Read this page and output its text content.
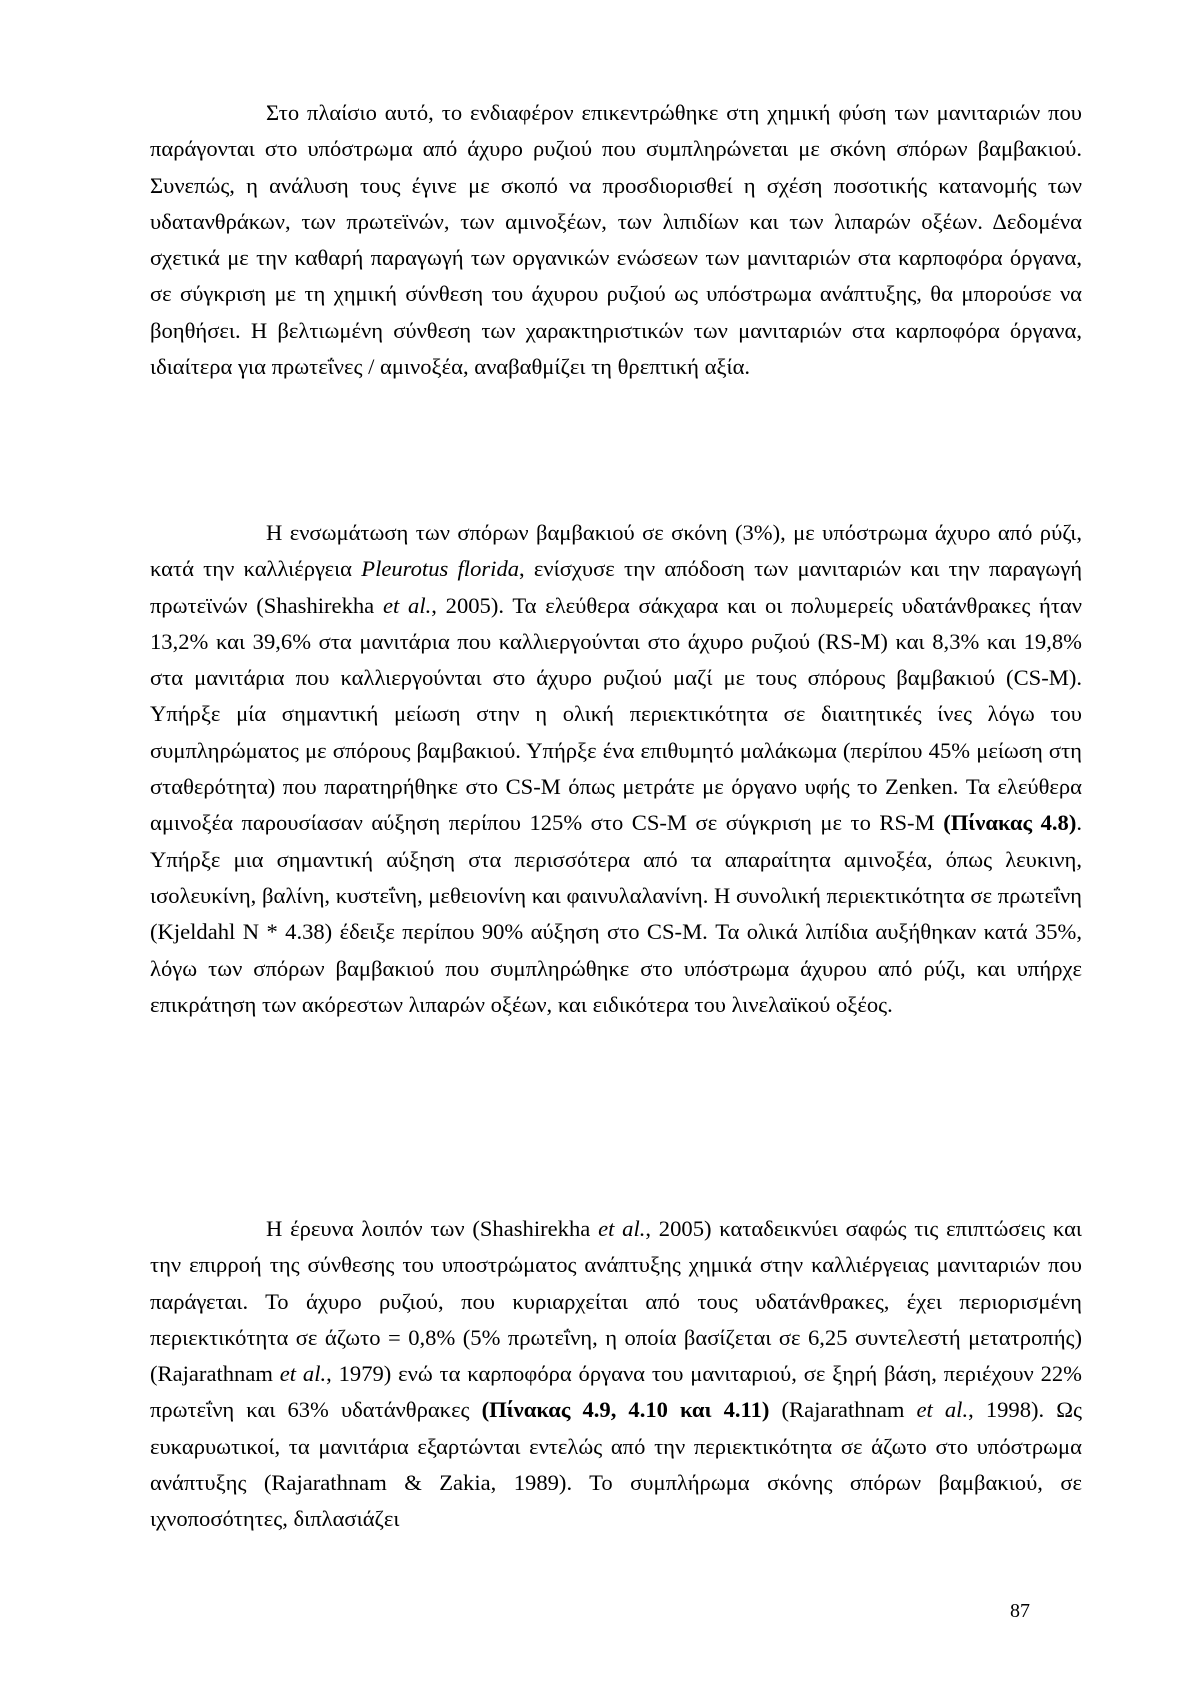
Στο πλαίσιο αυτό, το ενδιαφέρον επικεντρώθηκε στη χημική φύση των μανιταριών που παράγονται στο υπόστρωμα από άχυρο ρυζιού που συμπληρώνεται με σκόνη σπόρων βαμβακιού. Συνεπώς, η ανάλυση τους έγινε με σκοπό να προσδιορισθεί η σχέση ποσοτικής κατανομής των υδατανθράκων, των πρωτεϊνών, των αμινοξέων, των λιπιδίων και των λιπαρών οξέων. Δεδομένα σχετικά με την καθαρή παραγωγή των οργανικών ενώσεων των μανιταριών στα καρποφόρα όργανα, σε σύγκριση με τη χημική σύνθεση του άχυρου ρυζιού ως υπόστρωμα ανάπτυξης, θα μπορούσε να βοηθήσει. Η βελτιωμένη σύνθεση των χαρακτηριστικών των μανιταριών στα καρποφόρα όργανα, ιδιαίτερα για πρωτεΐνες / αμινοξέα, αναβαθμίζει τη θρεπτική αξία.

Η ενσωμάτωση των σπόρων βαμβακιού σε σκόνη (3%), με υπόστρωμα άχυρο από ρύζι, κατά την καλλιέργεια Pleurotus florida, ενίσχυσε την απόδοση των μανιταριών και την παραγωγή πρωτεϊνών (Shashirekha et al., 2005). Τα ελεύθερα σάκχαρα και οι πολυμερείς υδατάνθρακες ήταν 13,2% και 39,6% στα μανιτάρια που καλλιεργούνται στο άχυρο ρυζιού (RS-M) και 8,3% και 19,8% στα μανιτάρια που καλλιεργούνται στο άχυρο ρυζιού μαζί με τους σπόρους βαμβακιού (CS-M). Υπήρξε μία σημαντική μείωση στην η ολική περιεκτικότητα σε διαιτητικές ίνες λόγω του συμπληρώματος με σπόρους βαμβακιού. Υπήρξε ένα επιθυμητό μαλάκωμα (περίπου 45% μείωση στη σταθερότητα) που παρατηρήθηκε στο CS-M όπως μετράτε με όργανο υφής το Zenken. Τα ελεύθερα αμινοξέα παρουσίασαν αύξηση περίπου 125% στο CS-M σε σύγκριση με το RS-M (Πίνακας 4.8). Υπήρξε μια σημαντική αύξηση στα περισσότερα από τα απαραίτητα αμινοξέα, όπως λευκινη, ισολευκίνη, βαλίνη, κυστεΐνη, μεθειονίνη και φαινυλαλανίνη. Η συνολική περιεκτικότητα σε πρωτεΐνη (Kjeldahl N * 4.38) έδειξε περίπου 90% αύξηση στο CS-M. Τα ολικά λιπίδια αυξήθηκαν κατά 35%, λόγω των σπόρων βαμβακιού που συμπληρώθηκε στο υπόστρωμα άχυρου από ρύζι, και υπήρχε επικράτηση των ακόρεστων λιπαρών οξέων, και ειδικότερα του λινελαϊκού οξέος.

Η έρευνα λοιπόν των (Shashirekha et al., 2005) καταδεικνύει σαφώς τις επιπτώσεις και την επιρροή της σύνθεσης του υποστρώματος ανάπτυξης χημικά στην καλλιέργειας μανιταριών που παράγεται. Το άχυρο ρυζιού, που κυριαρχείται από τους υδατάνθρακες, έχει περιορισμένη περιεκτικότητα σε άζωτο = 0,8% (5% πρωτεΐνη, η οποία βασίζεται σε 6,25 συντελεστή μετατροπής) (Rajarathnam et al., 1979) ενώ τα καρποφόρα όργανα του μανιταριού, σε ξηρή βάση, περιέχουν 22% πρωτεΐνη και 63% υδατάνθρακες (Πίνακας 4.9, 4.10 και 4.11) (Rajarathnam et al., 1998). Ως ευκαρυωτικοί, τα μανιτάρια εξαρτώνται εντελώς από την περιεκτικότητα σε άζωτο στο υπόστρωμα ανάπτυξης (Rajarathnam & Zakia, 1989). Το συμπλήρωμα σκόνης σπόρων βαμβακιού, σε ιχνοποσότητες, διπλασιάζει

87
